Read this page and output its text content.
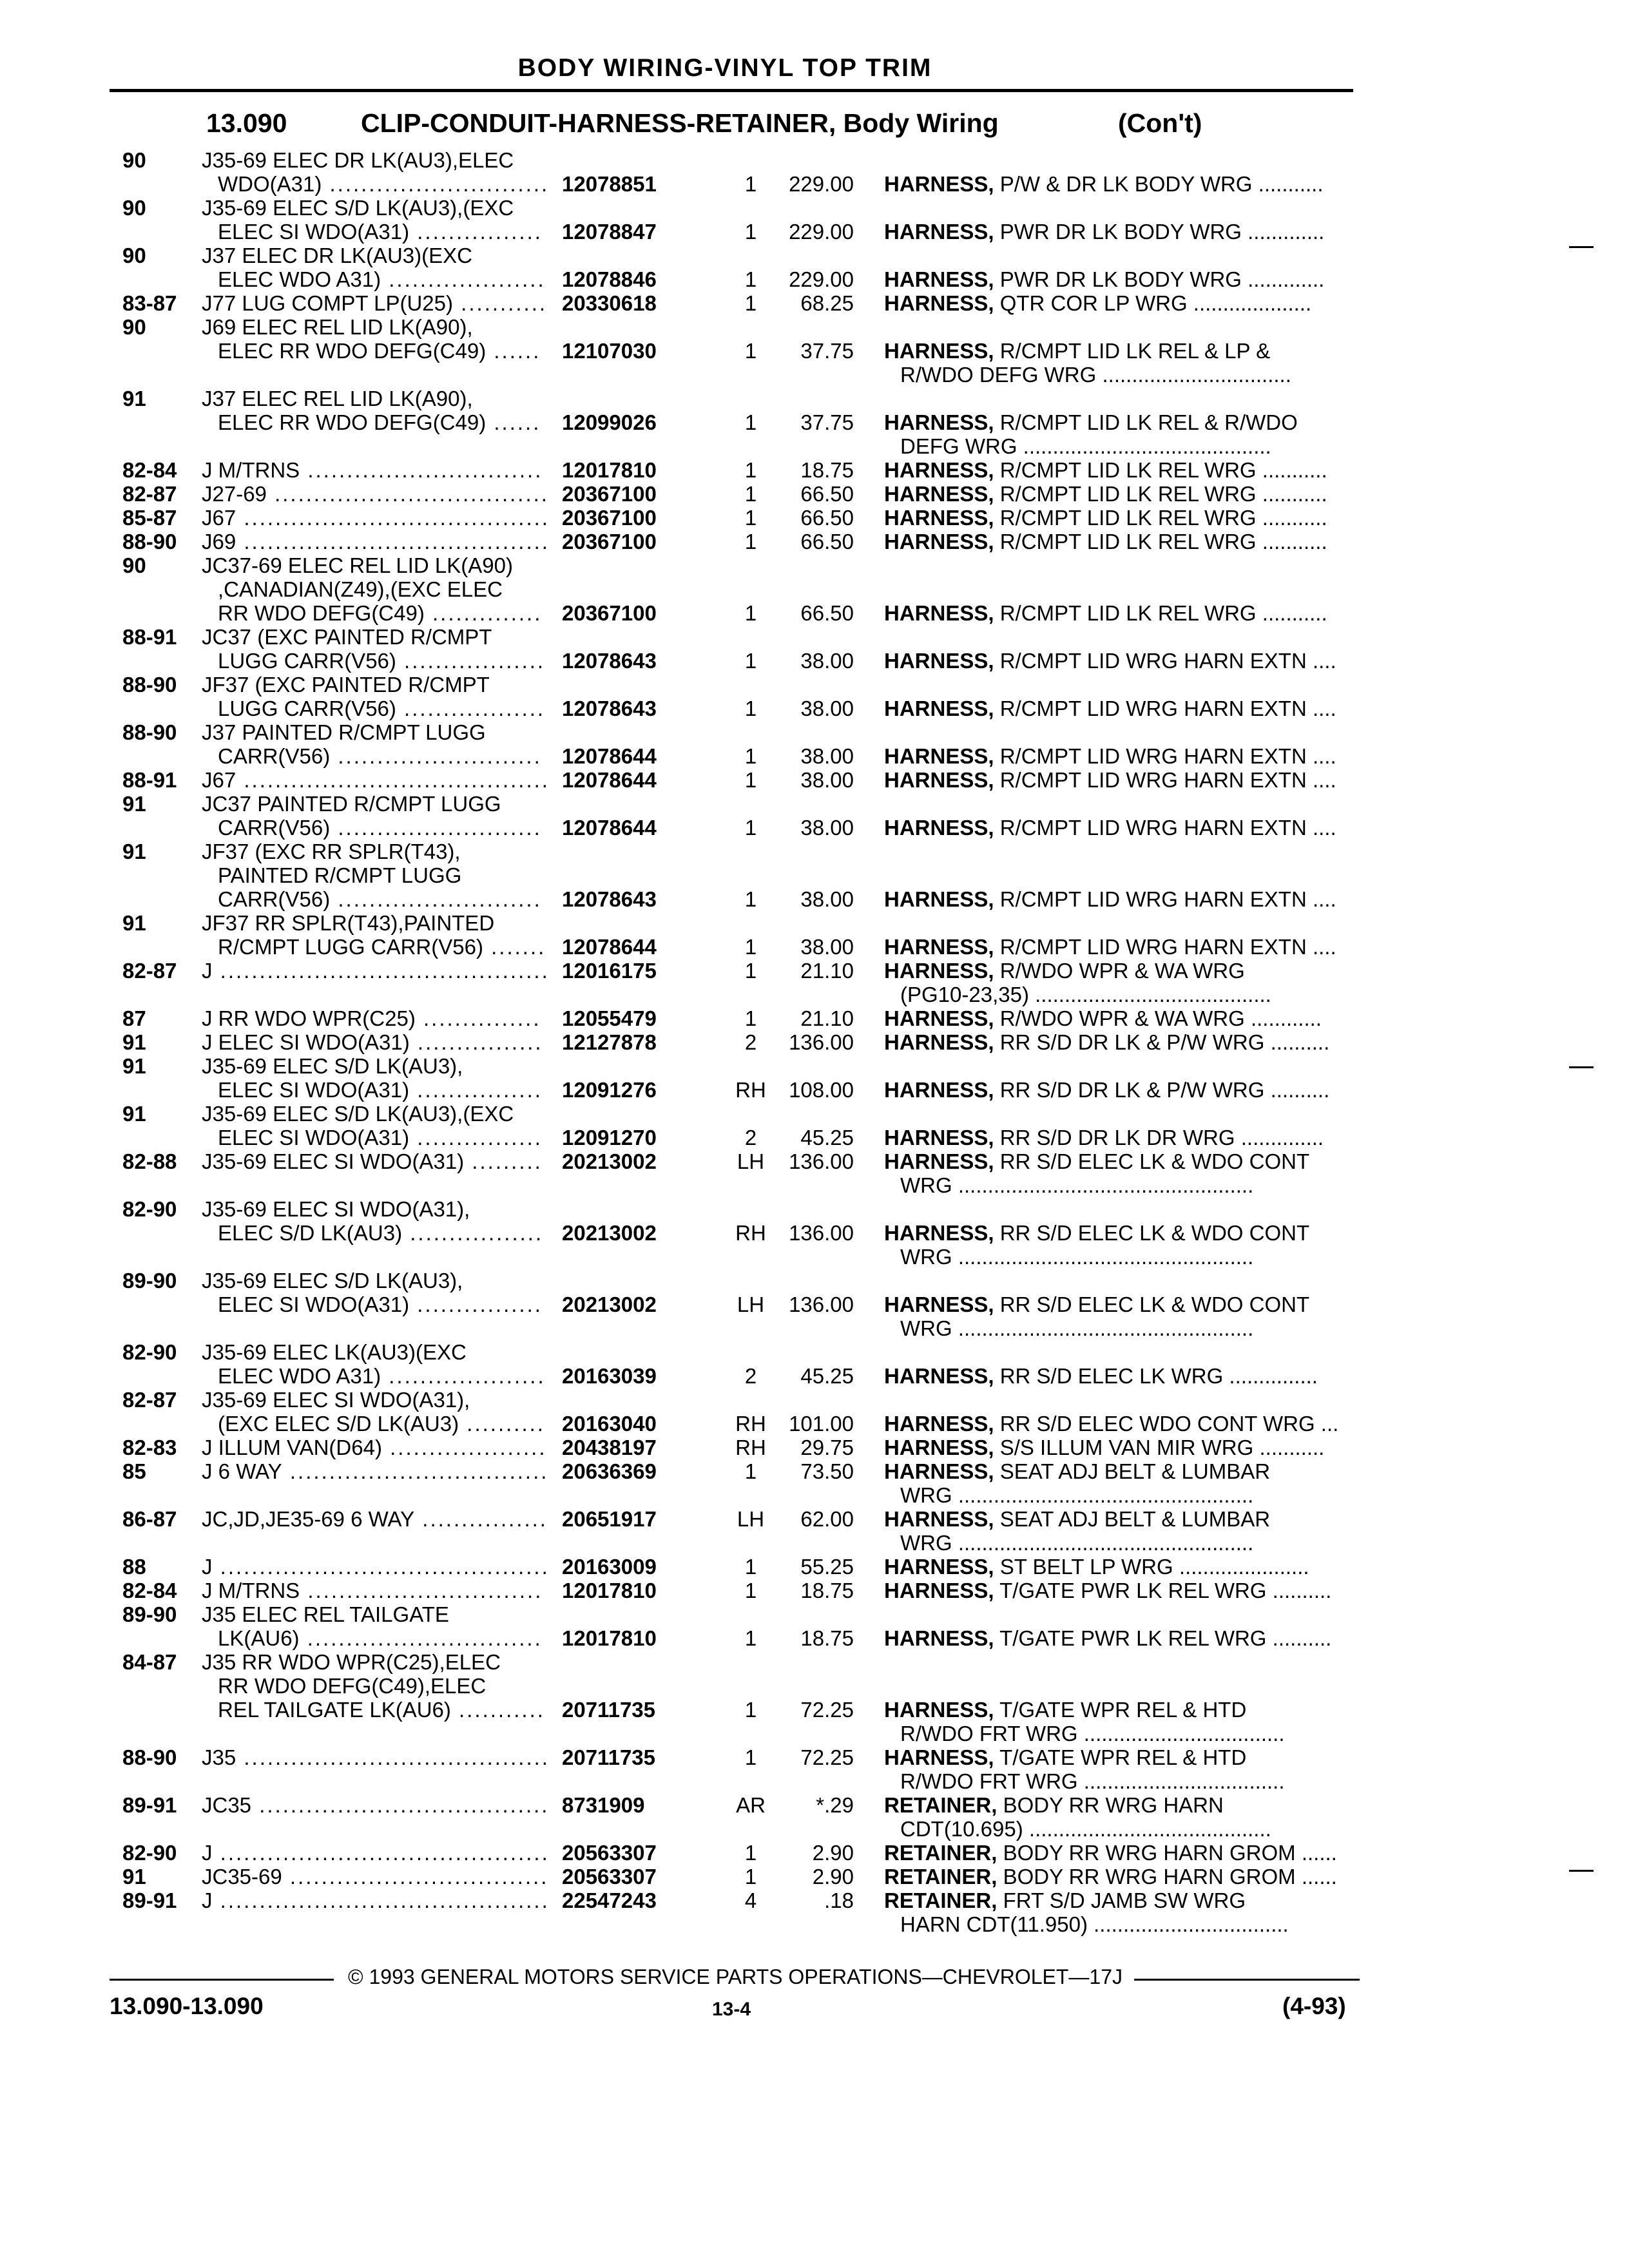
BODY WIRING-VINYL TOP TRIM
13.090	CLIP-CONDUIT-HARNESS-RETAINER, Body Wiring	(Con't)
90	J35-69 ELEC DR LK(AU3),ELEC
WDO(A31) ............................ 12078851	1	229.00 HARNESS, P/W & DR LK BODY WRG ...........
90	J35-69 ELEC S/D LK(AU3),(EXC
ELEC SI WDO(A31) ................ 12078847	1	229.00 HARNESS, PWR DR LK BODY WRG .............
90	J37 ELEC DR LK(AU3)(EXC
ELEC WDO A31) .................... 12078846	1	229.00 HARNESS, PWR DR LK BODY WRG .............
83-87 J77 LUG COMPT LP(U25) ........... 20330618	1	68.25 HARNESS, QTR COR LP WRG ....................
90	J69 ELEC REL LID LK(A90),
ELEC RR WDO DEFG(C49) ...... 12107030	1	37.75 HARNESS, R/CMPT LID LK REL & LP &
R/WDO DEFG WRG ................................
91	J37 ELEC REL LID LK(A90),
ELEC RR WDO DEFG(C49) ...... 12099026	1	37.75 HARNESS, R/CMPT LID LK REL & R/WDO
DEFG WRG ..........................................
82-84 J M/TRNS .............................. 12017810	1	18.75 HARNESS, R/CMPT LID LK REL WRG ...........
82-87 J27-69 ................................... 20367100	1	66.50 HARNESS, R/CMPT LID LK REL WRG ...........
85-87 J67 ....................................... 20367100	1	66.50 HARNESS, R/CMPT LID LK REL WRG ...........
88-90 J69 ....................................... 20367100	1	66.50 HARNESS, R/CMPT LID LK REL WRG ...........
90	JC37-69 ELEC REL LID LK(A90)
,CANADIAN(Z49),(EXC ELEC
RR WDO DEFG(C49) .............. 20367100	1	66.50 HARNESS, R/CMPT LID LK REL WRG ...........
88-91 JC37 (EXC PAINTED R/CMPT
LUGG CARR(V56) .................. 12078643	1	38.00 HARNESS, R/CMPT LID WRG HARN EXTN ....
88-90 JF37 (EXC PAINTED R/CMPT
LUGG CARR(V56) .................. 12078643	1	38.00 HARNESS, R/CMPT LID WRG HARN EXTN ....
88-90 J37 PAINTED R/CMPT LUGG
CARR(V56) .......................... 12078644	1	38.00 HARNESS, R/CMPT LID WRG HARN EXTN ....
88-91 J67 ....................................... 12078644	1	38.00 HARNESS, R/CMPT LID WRG HARN EXTN ....
91	JC37 PAINTED R/CMPT LUGG
CARR(V56) .......................... 12078644	1	38.00 HARNESS, R/CMPT LID WRG HARN EXTN ....
91	JF37 (EXC RR SPLR(T43),
PAINTED R/CMPT LUGG
CARR(V56) .......................... 12078643	1	38.00 HARNESS, R/CMPT LID WRG HARN EXTN ....
91	JF37 RR SPLR(T43),PAINTED
R/CMPT LUGG CARR(V56) ....... 12078644	1	38.00 HARNESS, R/CMPT LID WRG HARN EXTN ....
82-87 J .......................................... 12016175	1	21.10 HARNESS, R/WDO WPR & WA WRG
(PG10-23,35) ........................................
87	J RR WDO WPR(C25) ............... 12055479	1	21.10 HARNESS, R/WDO WPR & WA WRG ............
91	J ELEC SI WDO(A31) ................ 12127878	2	136.00 HARNESS, RR S/D DR LK & P/W WRG ..........
91	J35-69 ELEC S/D LK(AU3),
ELEC SI WDO(A31) ................ 12091276	RH	108.00 HARNESS, RR S/D DR LK & P/W WRG ..........
91	J35-69 ELEC S/D LK(AU3),(EXC
ELEC SI WDO(A31) ................ 12091270	2	45.25 HARNESS, RR S/D DR LK DR WRG ..............
82-88 J35-69 ELEC SI WDO(A31) ......... 20213002	LH	136.00 HARNESS, RR S/D ELEC LK & WDO CONT
WRG ..................................................
82-90 J35-69 ELEC SI WDO(A31),
ELEC S/D LK(AU3) ................. 20213002	RH	136.00 HARNESS, RR S/D ELEC LK & WDO CONT
WRG ..................................................
89-90 J35-69 ELEC S/D LK(AU3),
ELEC SI WDO(A31) ................ 20213002	LH	136.00 HARNESS, RR S/D ELEC LK & WDO CONT
WRG ..................................................
82-90 J35-69 ELEC LK(AU3)(EXC
ELEC WDO A31) .................... 20163039	2	45.25 HARNESS, RR S/D ELEC LK WRG ...............
82-87 J35-69 ELEC SI WDO(A31),
(EXC ELEC S/D LK(AU3) .......... 20163040	RH	101.00 HARNESS, RR S/D ELEC WDO CONT WRG ...
82-83 J ILLUM VAN(D64) .................... 20438197	RH	29.75 HARNESS, S/S ILLUM VAN MIR WRG ...........
85	J 6 WAY ................................. 20636369	1	73.50 HARNESS, SEAT ADJ BELT & LUMBAR
WRG ..................................................
86-87 JC,JD,JE35-69 6 WAY ................ 20651917	LH	62.00 HARNESS, SEAT ADJ BELT & LUMBAR
WRG ..................................................
88	J .......................................... 20163009	1	55.25 HARNESS, ST BELT LP WRG ......................
82-84 J M/TRNS .............................. 12017810	1	18.75 HARNESS, T/GATE PWR LK REL WRG ..........
89-90 J35 ELEC REL TAILGATE
LK(AU6) .............................. 12017810	1	18.75 HARNESS, T/GATE PWR LK REL WRG ..........
84-87 J35 RR WDO WPR(C25),ELEC
RR WDO DEFG(C49),ELEC
REL TAILGATE LK(AU6) ........... 20711735	1	72.25 HARNESS, T/GATE WPR REL & HTD
R/WDO FRT WRG ..................................
88-90 J35 ....................................... 20711735	1	72.25 HARNESS, T/GATE WPR REL & HTD
R/WDO FRT WRG ..................................
89-91 JC35 ..................................... 8731909	AR	*.29 RETAINER, BODY RR WRG HARN
CDT(10.695) .........................................
82-90 J .......................................... 20563307	1	2.90 RETAINER, BODY RR WRG HARN GROM ......
91	JC35-69 ................................. 20563307	1	2.90 RETAINER, BODY RR WRG HARN GROM ......
89-91 J .......................................... 22547243	4	.18 RETAINER, FRT S/D JAMB SW WRG
HARN CDT(11.950) .................................
© 1993 GENERAL MOTORS SERVICE PARTS OPERATIONS—CHEVROLET—17J
13.090-13.090	13-4	(4-93)
